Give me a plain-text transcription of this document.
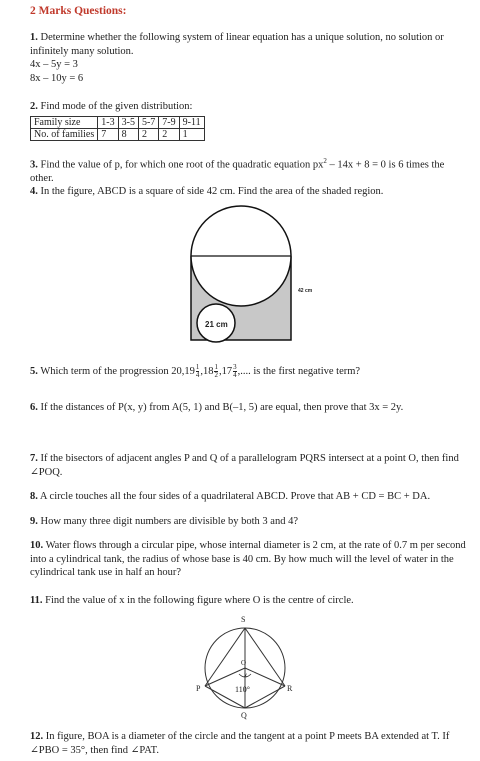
2 Marks Questions:
1. Determine whether the following system of linear equation has a unique solution, no solution or infinitely many solution.
4x – 5y = 3
8x – 10y = 6
2. Find mode of the given distribution:
Family size	1-3	3-5	5-7	7-9	9-11
No. of families	7	8	2	2	1
3. Find the value of p, for which one root of the quadratic equation $px^2 - 14x + 8 = 0$ is 6 times the other.
4. In the figure, ABCD is a square of side 42 cm. Find the area of the shaded region.
42 cm
21 cm
5. Which term of the progression $20,19 \frac{1}{4} ,18 \frac{1}{2} ,17 \frac{3}{4}$ ,.... is the first negative term?
6. If the distances of P(x, y) from A(5, 1) and B(–1, 5) are equal, then prove that 3x = 2y.
7. If the bisectors of adjacent angles P and Q of a parallelogram PQRS intersect at a point O, then find ∠POQ.
8. A circle touches all the four sides of a quadrilateral ABCD. Prove that AB + CD = BC + DA.
9. How many three digit numbers are divisible by both 3 and 4?
10. Water flows through a circular pipe, whose internal diameter is 2 cm, at the rate of 0.7 m per second into a cylindrical tank, the radius of whose base is 40 cm. By how much will the level of water in the cylindrical tank use in half an hour?
11. Find the value of x in the following figure where O is the centre of circle.
S
O
x
110°
P	R
Q
12. In figure, BOA is a diameter of the circle and the tangent at a point P meets BA extended at T. If ∠PBO = 35°, then find ∠PAT.
